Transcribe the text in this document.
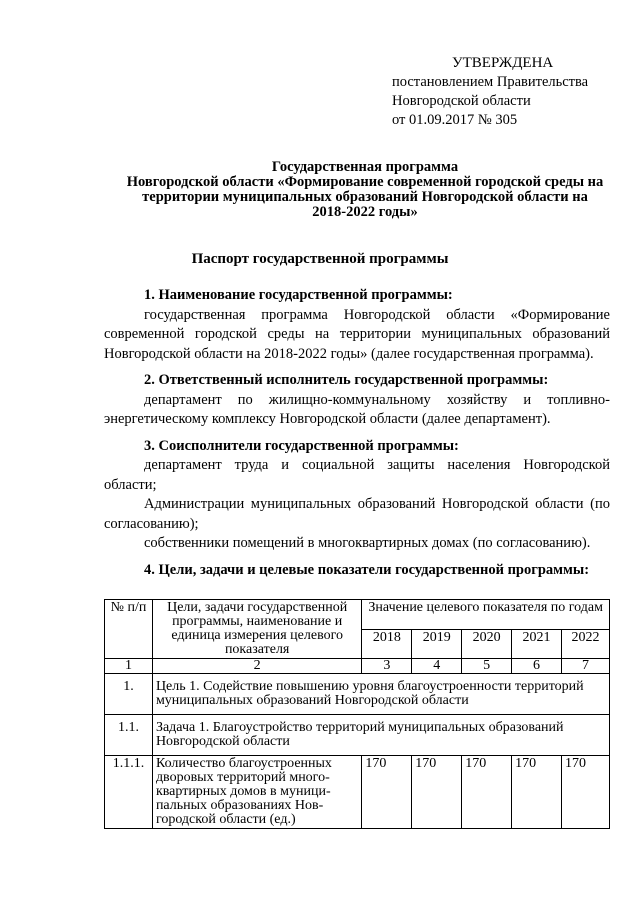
УТВЕРЖДЕНА
постановлением Правительства
Новгородской области
от 01.09.2017 № 305
Государственная программа
Новгородской области «Формирование современной городской среды на
территории муниципальных образований Новгородской области на
2018-2022 годы»
Паспорт государственной программы

1. Наименование государственной программы:

государственная программа Новгородской области «Формирование современной городской среды на территории муниципальных образований Новгородской области на 2018-2022 годы» (далее государственная программа).

2. Ответственный исполнитель государственной программы:

департамент по жилищно-коммунальному хозяйству и топливно-энергетическому комплексу Новгородской области (далее департамент).

3. Соисполнители государственной программы:

департамент труда и социальной защиты населения Новгородской области;

Администрации муниципальных образований Новгородской области (по согласованию);

собственники помещений в многоквартирных домах (по согласованию).

4. Цели, задачи и целевые показатели государственной программы:

№ п/п	Цели, задачи государственной программы, наименование и единица измерения целевого показателя	Значение целевого показателя по годам				
		2018	2019	2020	2021	2022
1	2	3	4	5	6	7
1.	Цель 1. Содействие повышению уровня благоустроенности территорий муниципальных образований Новгородской области					
1.1.	Задача 1. Благоустройство территорий муниципальных образований Новгородской области					
1.1.1.	Количество благоустроенных дворовых территорий много-квартирных домов в муници-пальных образованиях Нов-городской области (ед.)	170	170	170	170	170
